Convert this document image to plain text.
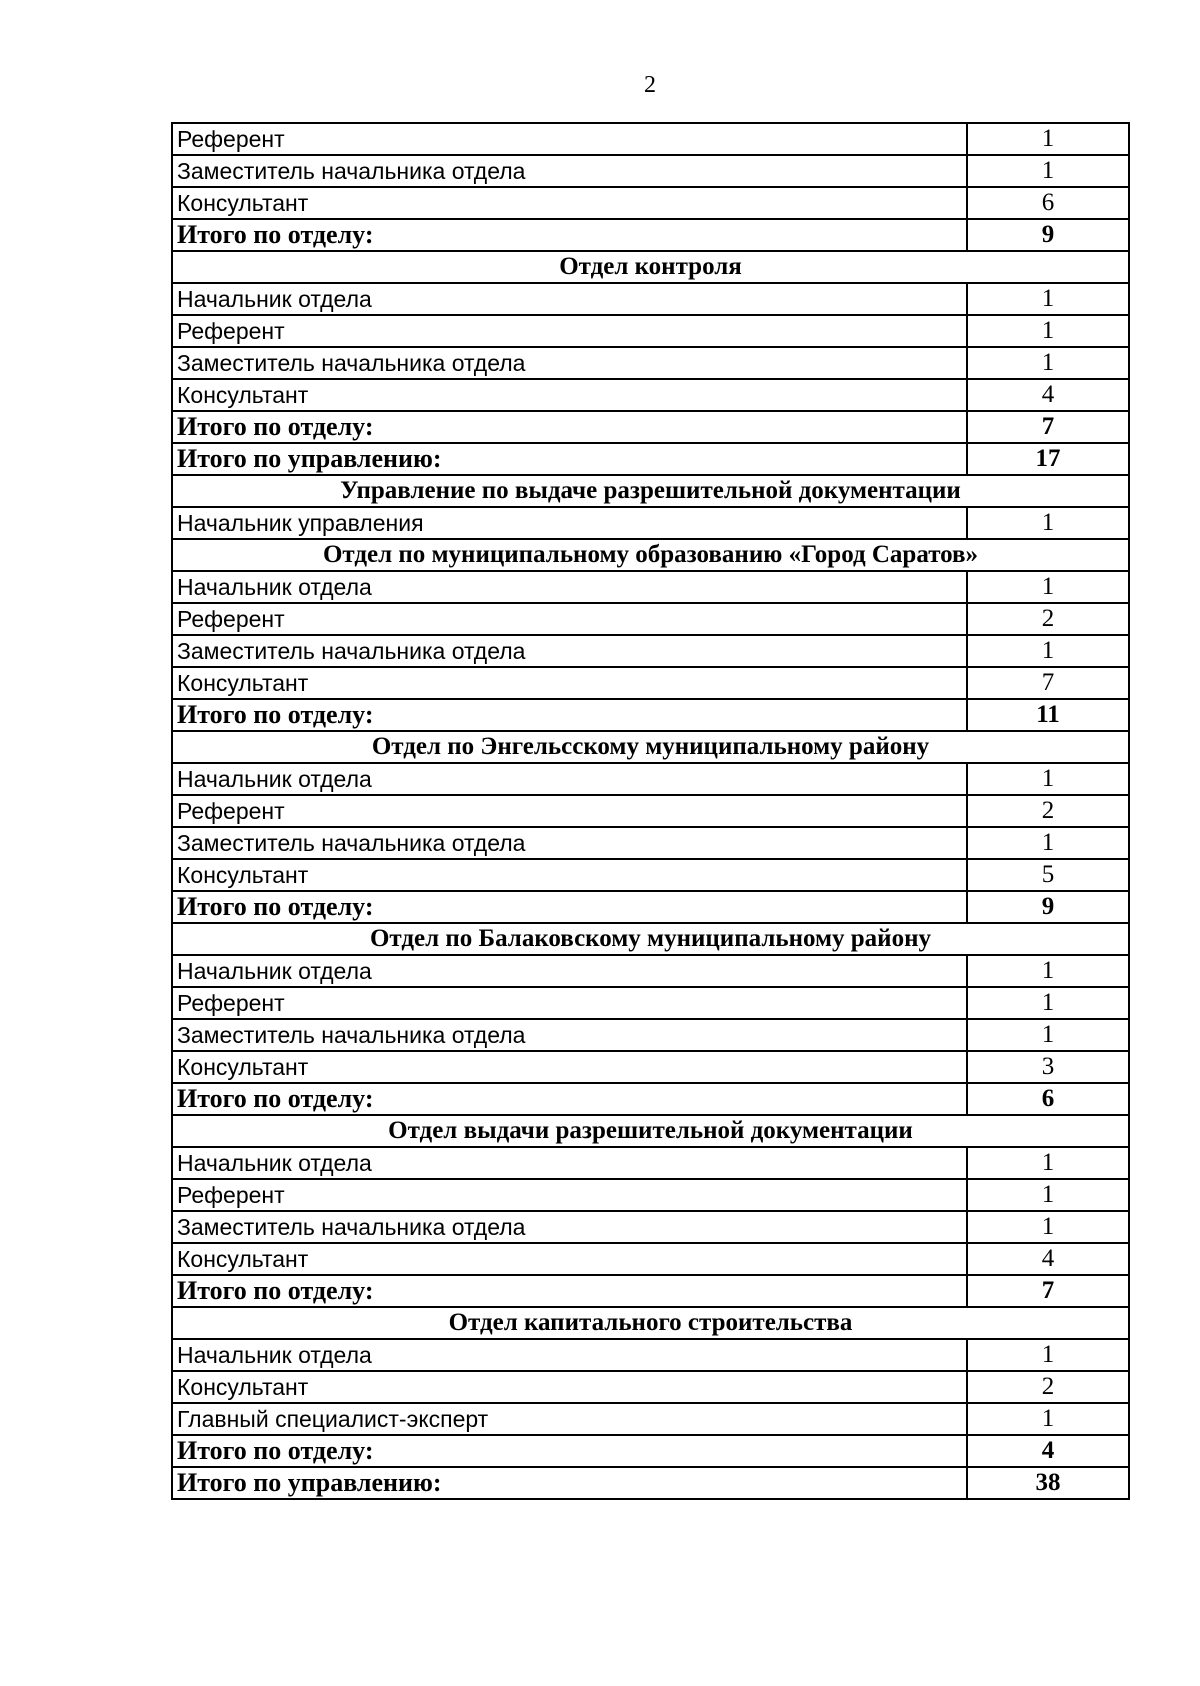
2
Референт	1
Заместитель начальника отдела	1
Консультант	6
Итого по отделу:	9
Отдел контроля	
Начальник отдела	1
Референт	1
Заместитель начальника отдела	1
Консультант	4
Итого по отделу:	7
Итого по управлению:	17
Управление по выдаче разрешительной документации	
Начальник управления	1
Отдел по муниципальному образованию «Город Саратов»	
Начальник отдела	1
Референт	2
Заместитель начальника отдела	1
Консультант	7
Итого по отделу:	11
Отдел по Энгельсскому муниципальному району	
Начальник отдела	1
Референт	2
Заместитель начальника отдела	1
Консультант	5
Итого по отделу:	9
Отдел по Балаковскому муниципальному району	
Начальник отдела	1
Референт	1
Заместитель начальника отдела	1
Консультант	3
Итого по отделу:	6
Отдел выдачи разрешительной документации	
Начальник отдела	1
Референт	1
Заместитель начальника отдела	1
Консультант	4
Итого по отделу:	7
Отдел капитального строительства	
Начальник отдела	1
Консультант	2
Главный специалист-эксперт	1
Итого по отделу:	4
Итого по управлению:	38
